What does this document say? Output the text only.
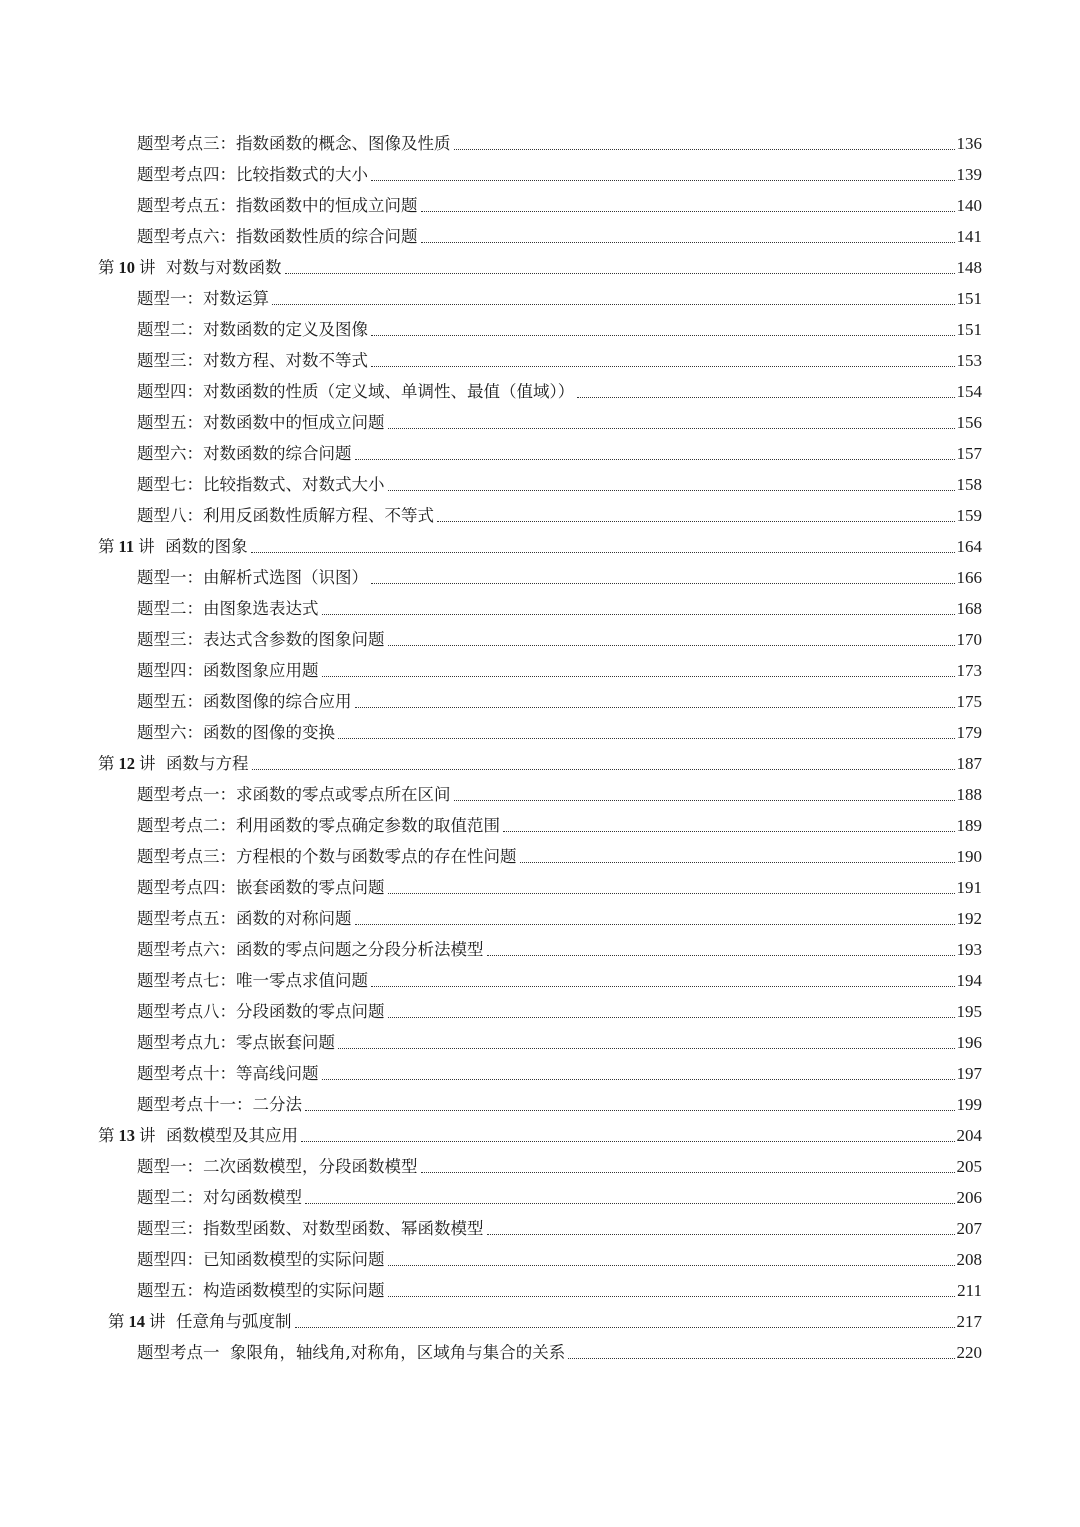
题型考点三：指数函数的概念、图像及性质	136
题型考点四：比较指数式的大小	139
题型考点五：指数函数中的恒成立问题	140
题型考点六：指数函数性质的综合问题	141
第 10 讲  对数与对数函数	148
题型一：对数运算	151
题型二：对数函数的定义及图像	151
题型三：对数方程、对数不等式	153
题型四：对数函数的性质（定义域、单调性、最值（值域））	154
题型五：对数函数中的恒成立问题	156
题型六：对数函数的综合问题	157
题型七：比较指数式、对数式大小	158
题型八：利用反函数性质解方程、不等式	159
第 11 讲  函数的图象	164
题型一：由解析式选图（识图）	166
题型二：由图象选表达式	168
题型三：表达式含参数的图象问题	170
题型四：函数图象应用题	173
题型五：函数图像的综合应用	175
题型六：函数的图像的变换	179
第 12 讲  函数与方程	187
题型考点一：求函数的零点或零点所在区间	188
题型考点二：利用函数的零点确定参数的取值范围	189
题型考点三：方程根的个数与函数零点的存在性问题	190
题型考点四：嵌套函数的零点问题	191
题型考点五：函数的对称问题	192
题型考点六：函数的零点问题之分段分析法模型	193
题型考点七：唯一零点求值问题	194
题型考点八：分段函数的零点问题	195
题型考点九：零点嵌套问题	196
题型考点十：等高线问题	197
题型考点十一：二分法	199
第 13 讲  函数模型及其应用	204
题型一：二次函数模型，分段函数模型	205
题型二：对勾函数模型	206
题型三：指数型函数、对数型函数、幂函数模型	207
题型四：已知函数模型的实际问题	208
题型五：构造函数模型的实际问题	211
第 14 讲  任意角与弧度制	217
题型考点一  象限角，轴线角,对称角，区域角与集合的关系	220
